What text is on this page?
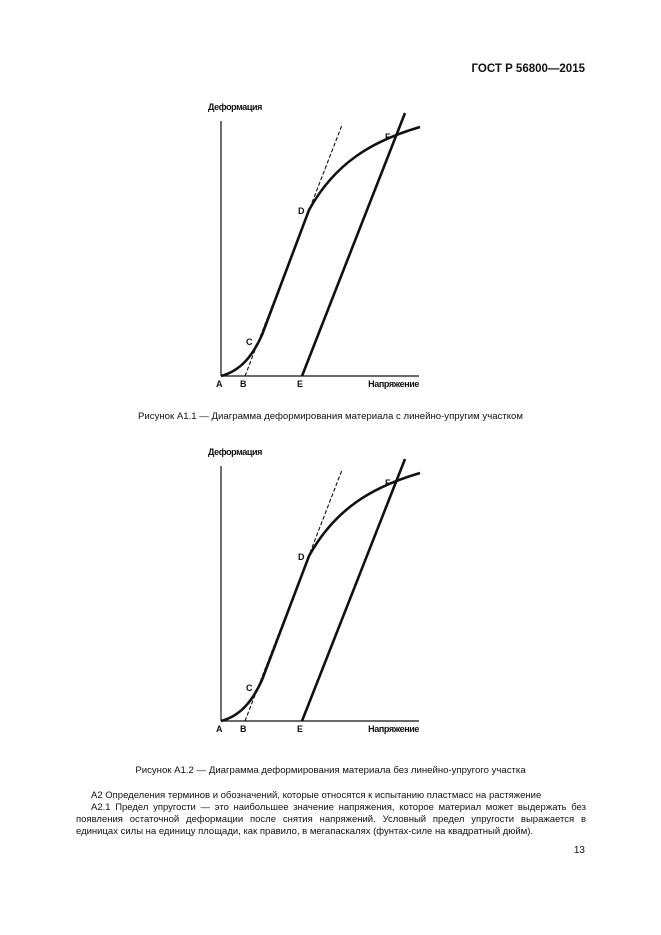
ГОСТ Р 56800—2015
Деформация
Напряжение
A B
C
D
E
F
Рисунок А1.1 — Диаграмма деформирования материала с линейно-упругим участком
Деформация
Напряжение
A B
C
D
E
F
Рисунок А1.2 — Диаграмма деформирования материала без линейно-упругого участка

А2 Определения терминов и обозначений, которые относятся к испытанию пластмасс на растяжение

А2.1 Предел упругости — это наибольшее значение напряжения, которое материал может выдержать без появления остаточной деформации после снятия напряжений. Условный предел упругости выражается в единицах силы на единицу площади, как правило, в мегапаскалях (фунтах-силе на квадратный дюйм).

13
